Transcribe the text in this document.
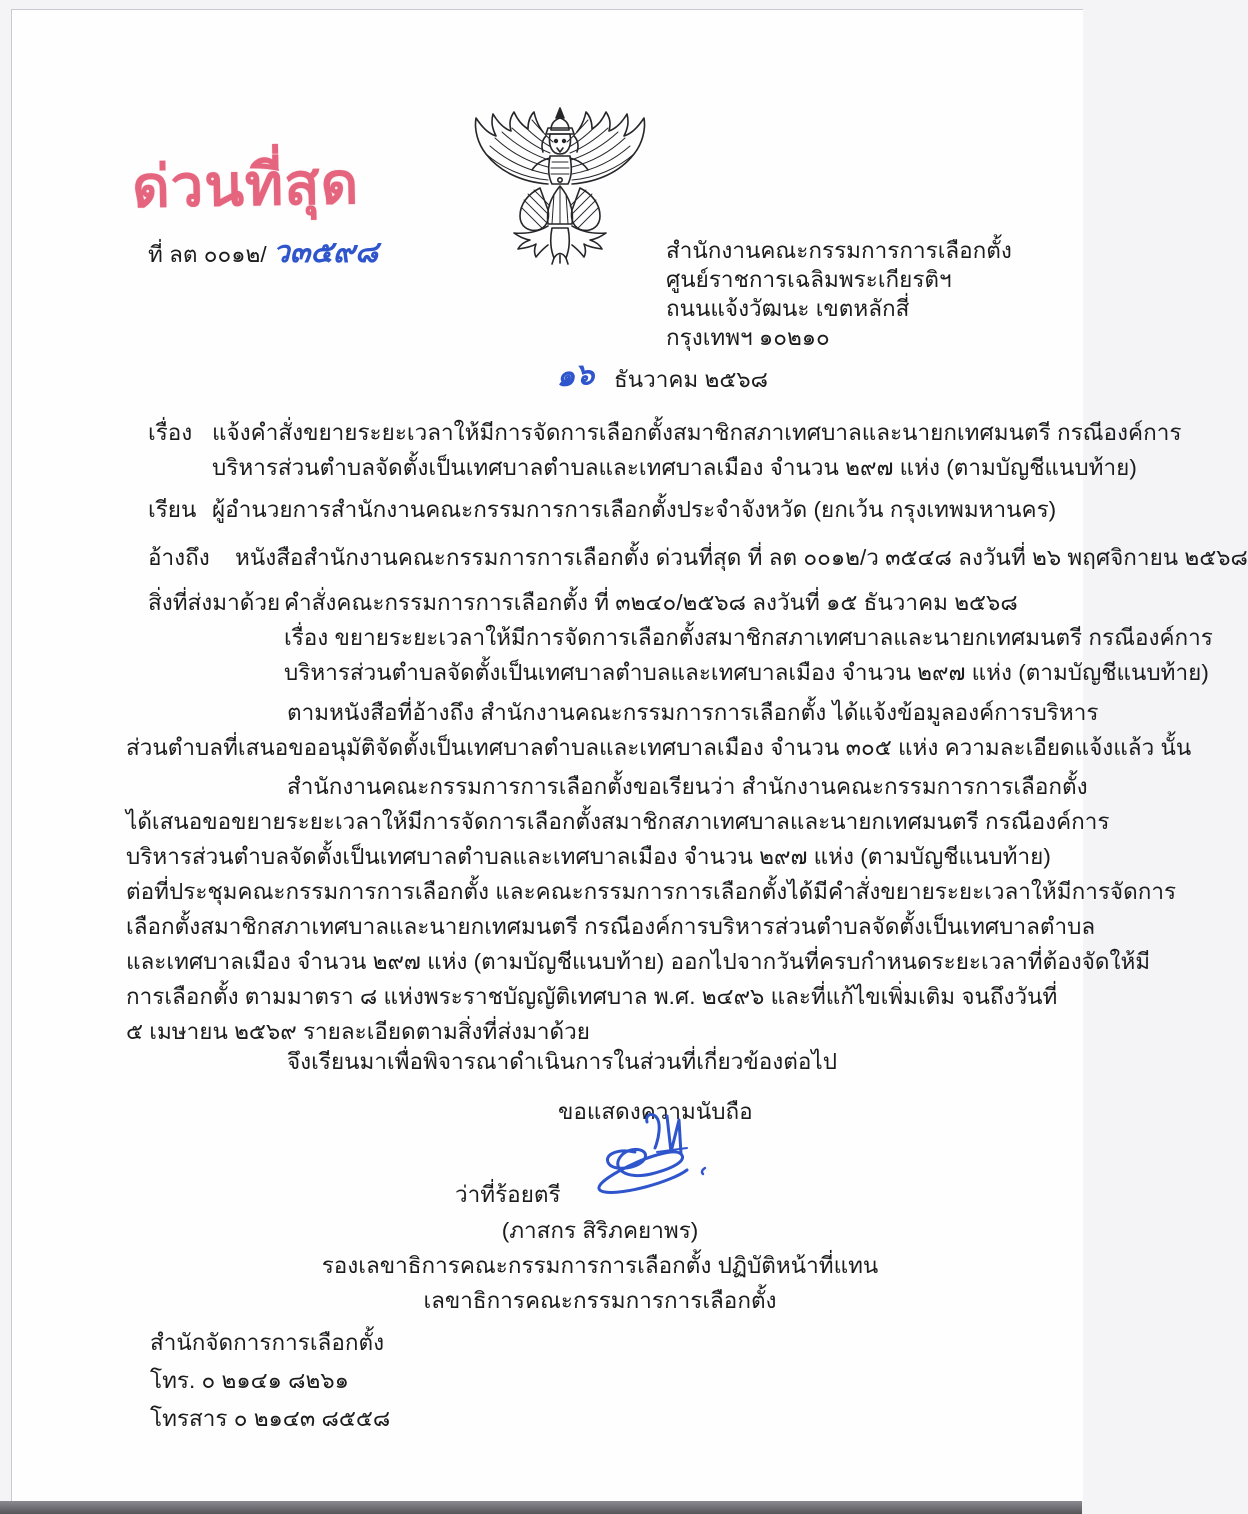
ด่วนที่สุด
ที่ ลต ๐๐๑๒/ ว๓๕๙๘	สำนักงานคณะกรรมการการเลือกตั้ง
ศูนย์ราชการเฉลิมพระเกียรติฯ
ถนนแจ้งวัฒนะ เขตหลักสี่
กรุงเทพฯ ๑๐๒๑๐
๑๖ ธันวาคม ๒๕๖๘
เรื่อง แจ้งคำสั่งขยายระยะเวลาให้มีการจัดการเลือกตั้งสมาชิกสภาเทศบาลและนายกเทศมนตรี กรณีองค์การ
บริหารส่วนตำบลจัดตั้งเป็นเทศบาลตำบลและเทศบาลเมือง จำนวน ๒๙๗ แห่ง (ตามบัญชีแนบท้าย)
เรียน ผู้อำนวยการสำนักงานคณะกรรมการการเลือกตั้งประจำจังหวัด (ยกเว้น กรุงเทพมหานคร)
อ้างถึง หนังสือสำนักงานคณะกรรมการการเลือกตั้ง ด่วนที่สุด ที่ ลต ๐๐๑๒/ว ๓๕๔๘ ลงวันที่ ๒๖ พฤศจิกายน ๒๕๖๘
สิ่งที่ส่งมาด้วย คำสั่งคณะกรรมการการเลือกตั้ง ที่ ๓๒๔๐/๒๕๖๘ ลงวันที่ ๑๕ ธันวาคม ๒๕๖๘
เรื่อง ขยายระยะเวลาให้มีการจัดการเลือกตั้งสมาชิกสภาเทศบาลและนายกเทศมนตรี กรณีองค์การ
บริหารส่วนตำบลจัดตั้งเป็นเทศบาลตำบลและเทศบาลเมือง จำนวน ๒๙๗ แห่ง (ตามบัญชีแนบท้าย)
ตามหนังสือที่อ้างถึง สำนักงานคณะกรรมการการเลือกตั้ง ได้แจ้งข้อมูลองค์การบริหาร
ส่วนตำบลที่เสนอขออนุมัติจัดตั้งเป็นเทศบาลตำบลและเทศบาลเมือง จำนวน ๓๐๕ แห่ง ความละเอียดแจ้งแล้ว นั้น
สำนักงานคณะกรรมการการเลือกตั้งขอเรียนว่า สำนักงานคณะกรรมการการเลือกตั้ง
ได้เสนอขอขยายระยะเวลาให้มีการจัดการเลือกตั้งสมาชิกสภาเทศบาลและนายกเทศมนตรี กรณีองค์การ
บริหารส่วนตำบลจัดตั้งเป็นเทศบาลตำบลและเทศบาลเมือง จำนวน ๒๙๗ แห่ง (ตามบัญชีแนบท้าย)
ต่อที่ประชุมคณะกรรมการการเลือกตั้ง และคณะกรรมการการเลือกตั้งได้มีคำสั่งขยายระยะเวลาให้มีการจัดการ
เลือกตั้งสมาชิกสภาเทศบาลและนายกเทศมนตรี กรณีองค์การบริหารส่วนตำบลจัดตั้งเป็นเทศบาลตำบล
และเทศบาลเมือง จำนวน ๒๙๗ แห่ง (ตามบัญชีแนบท้าย) ออกไปจากวันที่ครบกำหนดระยะเวลาที่ต้องจัดให้มี
การเลือกตั้ง ตามมาตรา ๘ แห่งพระราชบัญญัติเทศบาล พ.ศ. ๒๔๙๖ และที่แก้ไขเพิ่มเติม จนถึงวันที่
๕ เมษายน ๒๕๖๙ รายละเอียดตามสิ่งที่ส่งมาด้วย
จึงเรียนมาเพื่อพิจารณาดำเนินการในส่วนที่เกี่ยวข้องต่อไป
ขอแสดงความนับถือ
ว่าที่ร้อยตรี
(ภาสกร สิริภคยาพร)
รองเลขาธิการคณะกรรมการการเลือกตั้ง ปฏิบัติหน้าที่แทน
เลขาธิการคณะกรรมการการเลือกตั้ง
สำนักจัดการการเลือกตั้ง
โทร. ๐ ๒๑๔๑ ๘๒๖๑
โทรสาร ๐ ๒๑๔๓ ๘๕๕๘
